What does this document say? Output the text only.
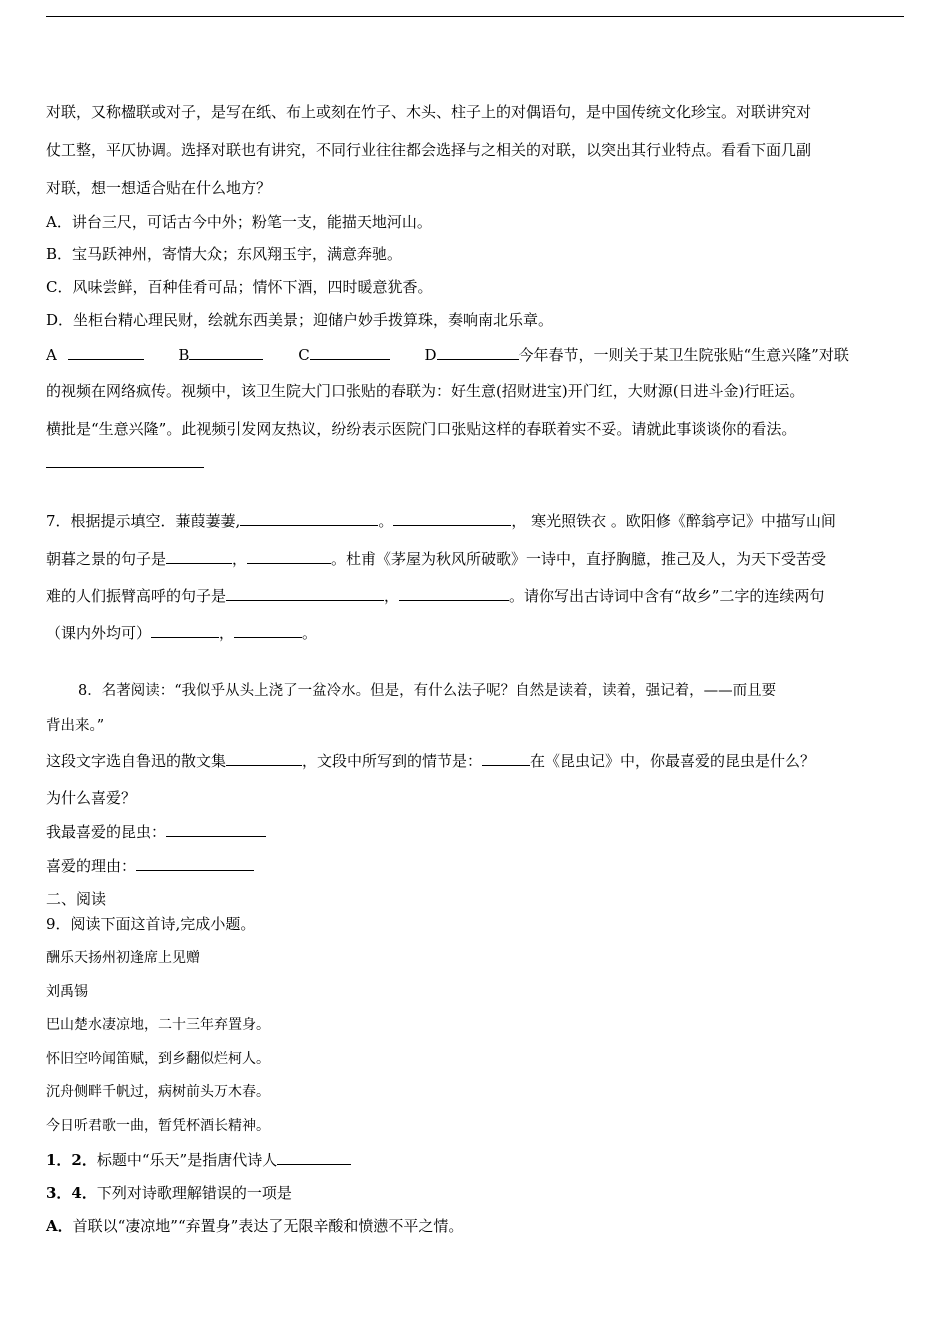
对联，又称楹联或对子，是写在纸、布上或刻在竹子、木头、柱子上的对偶语句，是中国传统文化珍宝。对联讲究对
仗工整，平仄协调。选择对联也有讲究，不同行业往往都会选择与之相关的对联，以突出其行业特点。看看下面几副
对联，想一想适合贴在什么地方？
A．讲台三尺，可话古今中外；粉笔一支，能描天地河山。
B．宝马跃神州，寄情大众；东风翔玉宇，满意奔驰。
C．风味尝鲜，百种佳肴可品；情怀下酒，四时暖意犹香。
D．坐柜台精心理民财，绘就东西美景；迎储户妙手拨算珠，奏响南北乐章。
A	B	C	D	今年春节，一则关于某卫生院张贴“生意兴隆”对联
的视频在网络疯传。视频中，该卫生院大门口张贴的春联为：好生意(招财进宝)开门红，大财源(日进斗金)行旺运。
横批是“生意兴隆”。此视频引发网友热议，纷纷表示医院门口张贴这样的春联着实不妥。请就此事谈谈你的看法。
7．根据提示填空．蒹葭萋萋,	。	， 寒光照铁衣 。欧阳修《醉翁亭记》中描写山间
朝暮之景的句子是	，	。杜甫《茅屋为秋风所破歌》一诗中，直抒胸臆，推己及人，为天下受苦受
难的人们振臂高呼的句子是	，	。请你写出古诗词中含有“故乡”二字的连续两句
（课内外均可）	，	。
8．名著阅读：“我似乎从头上浇了一盆冷水。但是，有什么法子呢？自然是读着，读着，强记着，——而且要
背出来。”
这段文字选自鲁迅的散文集	，文段中所写到的情节是：	在《昆虫记》中，你最喜爱的昆虫是什么？
为什么喜爱？
我最喜爱的昆虫：
喜爱的理由：
二、阅读
9．阅读下面这首诗,完成小题。
酬乐天扬州初逢席上见赠
刘禹锡
巴山楚水凄凉地，二十三年弃置身。
怀旧空吟闻笛赋，到乡翻似烂柯人。
沉舟侧畔千帆过，病树前头万木春。
今日听君歌一曲，暂凭杯酒长精神。
1．2．标题中“乐天”是指唐代诗人
3．4．下列对诗歌理解错误的一项是
A．首联以“凄凉地”“弃置身”表达了无限辛酸和愤懑不平之情。
